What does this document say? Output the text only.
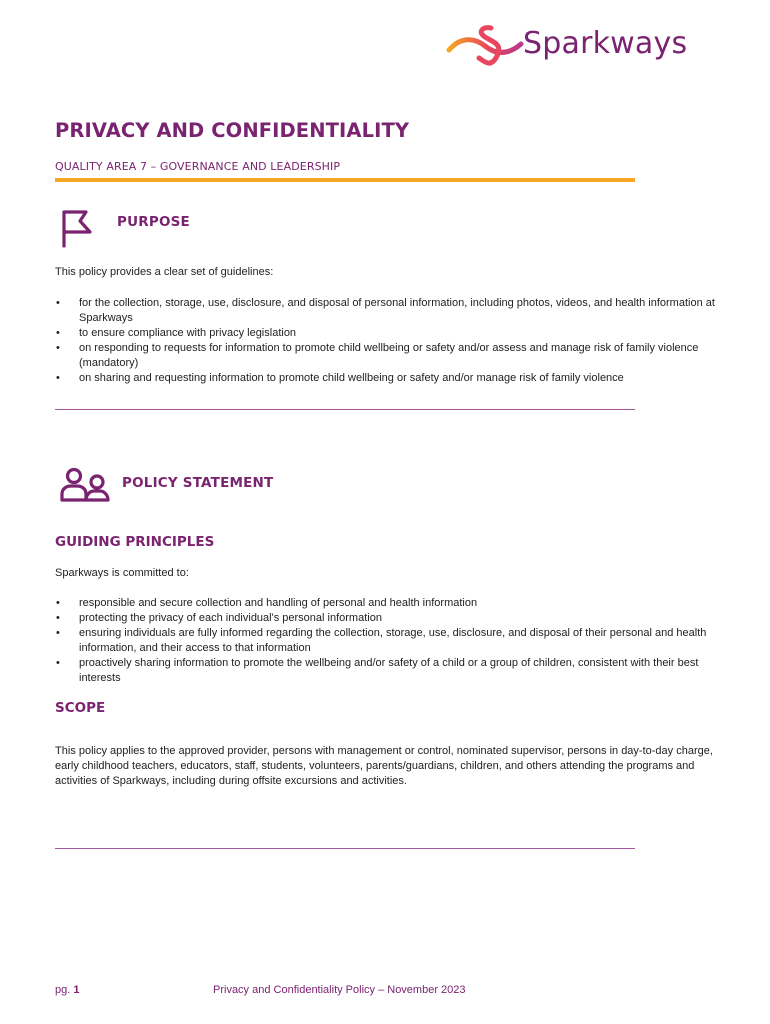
Sparkways
PRIVACY AND CONFIDENTIALITY
QUALITY AREA 7 – GOVERNANCE AND LEADERSHIP
PURPOSE

This policy provides a clear set of guidelines:

• for the collection, storage, use, disclosure, and disposal of personal information, including photos, videos, and health information at Sparkways
• to ensure compliance with privacy legislation
• on responding to requests for information to promote child wellbeing or safety and/or assess and manage risk of family violence (mandatory)
• on sharing and requesting information to promote child wellbeing or safety and/or manage risk of family violence
POLICY STATEMENT
GUIDING PRINCIPLES

Sparkways is committed to:

• responsible and secure collection and handling of personal and health information
• protecting the privacy of each individual's personal information
• ensuring individuals are fully informed regarding the collection, storage, use, disclosure, and disposal of their personal and health information, and their access to that information
• proactively sharing information to promote the wellbeing and/or safety of a child or a group of children, consistent with their best interests
SCOPE

This policy applies to the approved provider, persons with management or control, nominated supervisor, persons in day-to-day charge, early childhood teachers, educators, staff, students, volunteers, parents/guardians, children, and others attending the programs and activities of Sparkways, including during offsite excursions and activities.

pg. 1	Privacy and Confidentiality Policy – November 2023
